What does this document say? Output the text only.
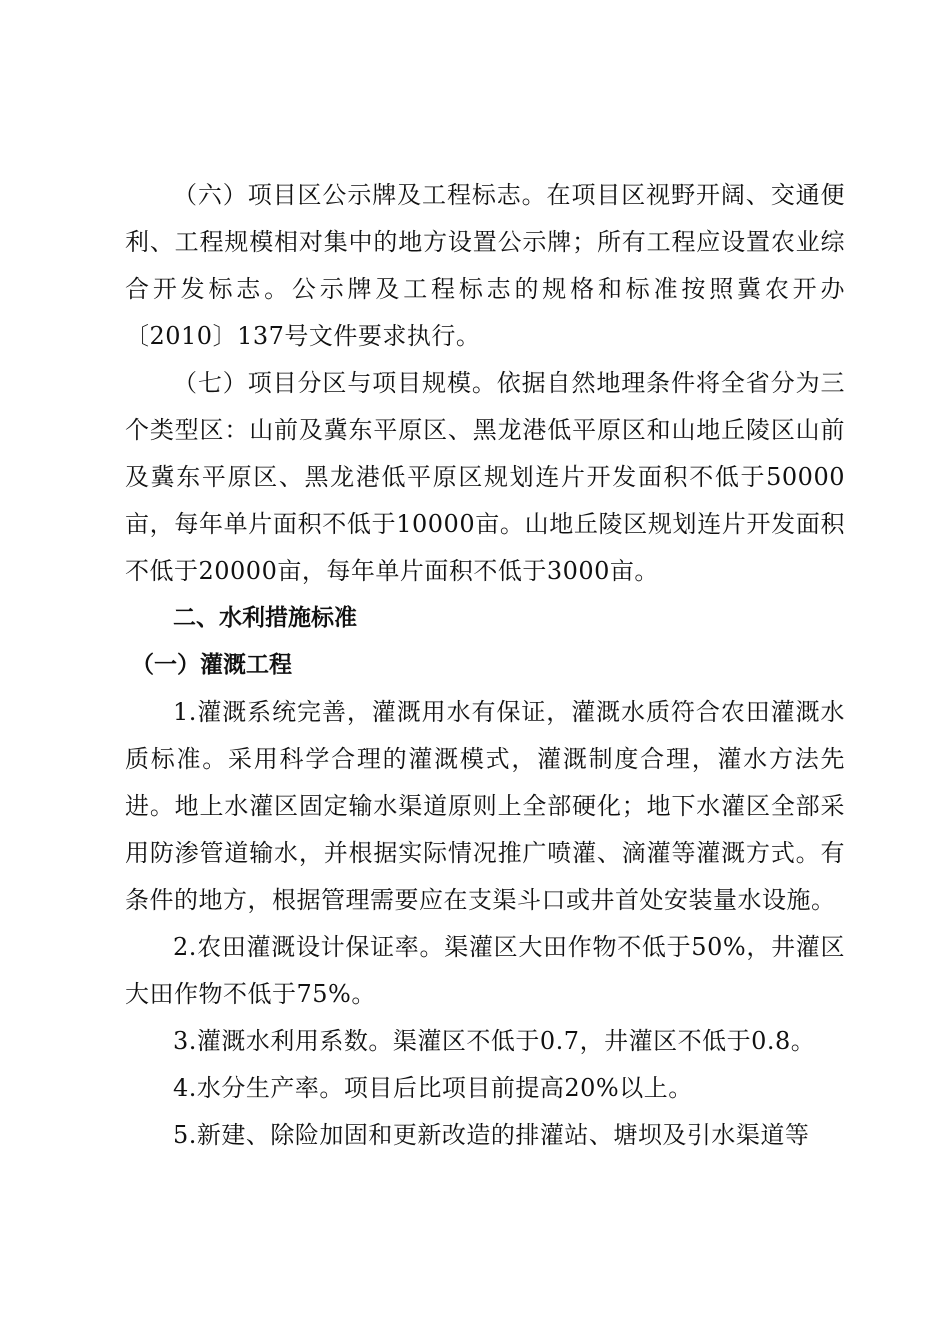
（六）项目区公示牌及工程标志。在项目区视野开阔、交通便利、工程规模相对集中的地方设置公示牌；所有工程应设置农业综合开发标志。公示牌及工程标志的规格和标准按照冀农开办〔2010〕137号文件要求执行。

（七）项目分区与项目规模。依据自然地理条件将全省分为三个类型区：山前及冀东平原区、黑龙港低平原区和山地丘陵区山前及冀东平原区、黑龙港低平原区规划连片开发面积不低于50000亩，每年单片面积不低于10000亩。山地丘陵区规划连片开发面积不低于20000亩，每年单片面积不低于3000亩。

二、水利措施标准

（一）灌溉工程

1.灌溉系统完善，灌溉用水有保证，灌溉水质符合农田灌溉水质标准。采用科学合理的灌溉模式，灌溉制度合理，灌水方法先进。地上水灌区固定输水渠道原则上全部硬化；地下水灌区全部采用防渗管道输水，并根据实际情况推广喷灌、滴灌等灌溉方式。有条件的地方，根据管理需要应在支渠斗口或井首处安装量水设施。

2.农田灌溉设计保证率。渠灌区大田作物不低于50%，井灌区大田作物不低于75%。

3.灌溉水利用系数。渠灌区不低于0.7，井灌区不低于0.8。

4.水分生产率。项目后比项目前提高20%以上。

5.新建、除险加固和更新改造的排灌站、塘坝及引水渠道等
